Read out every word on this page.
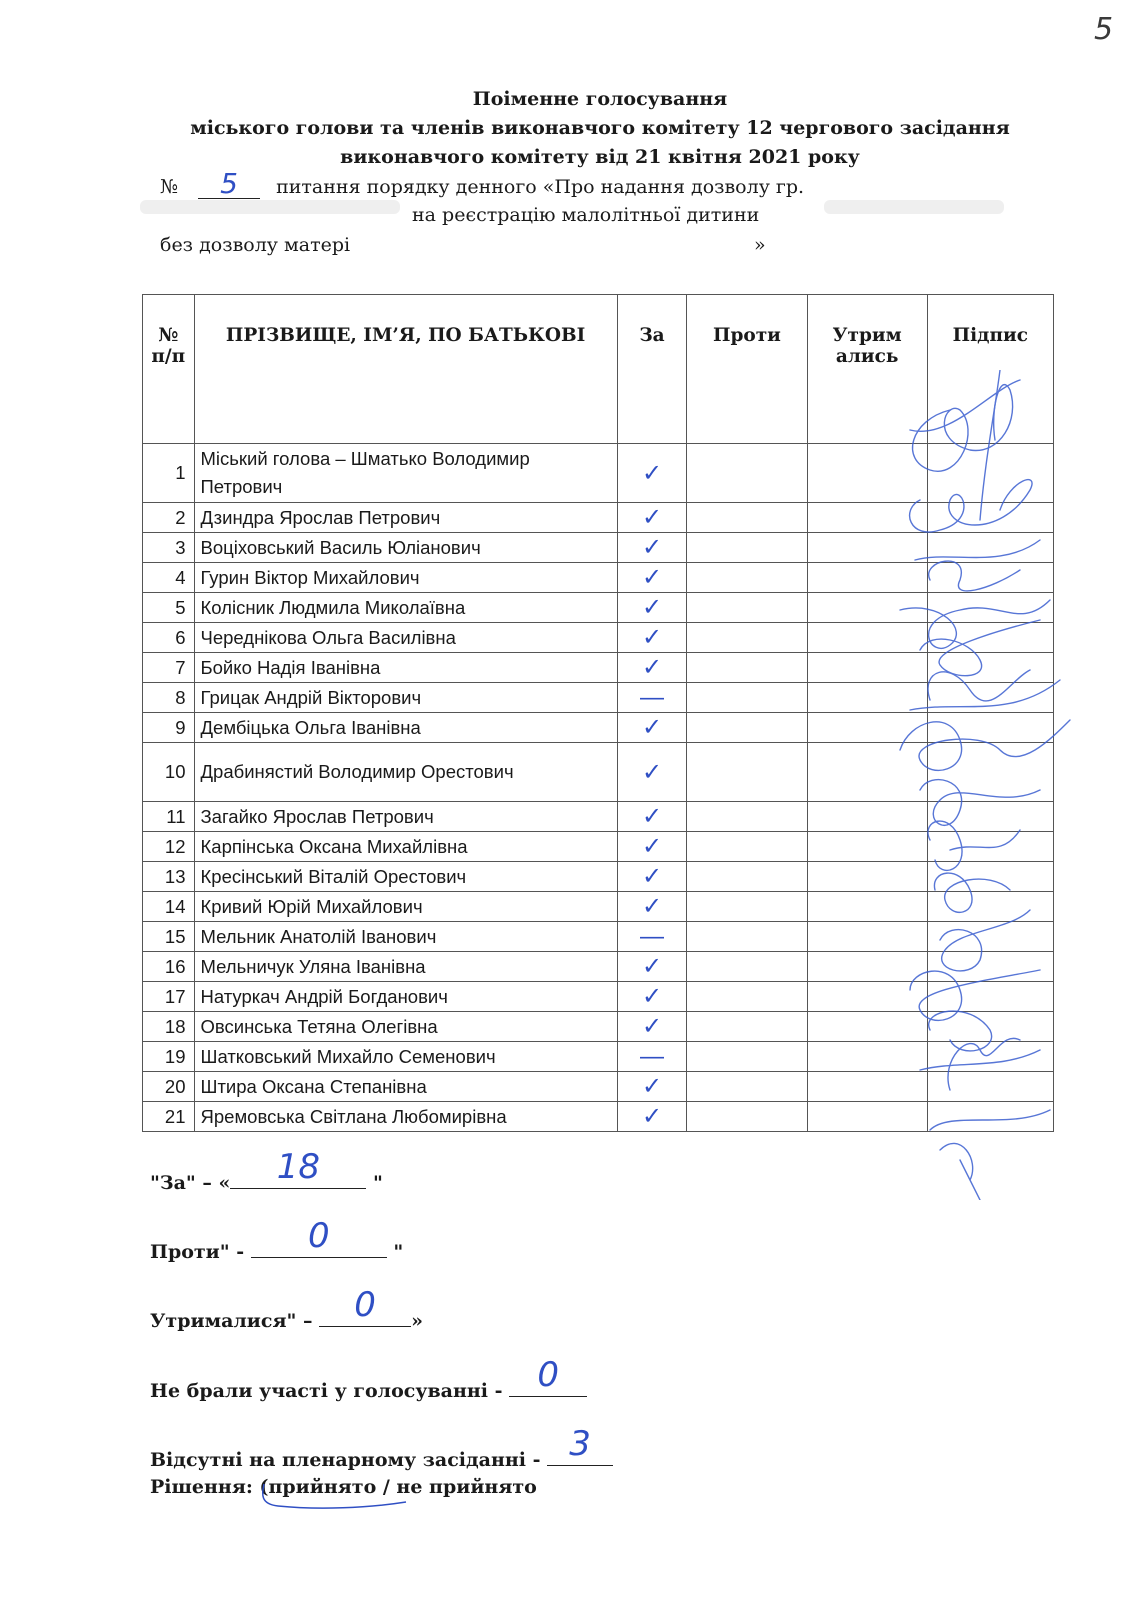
5
Поіменне голосування
міського голови та членів виконавчого комітету 12 чергового засідання
виконавчого комітету від 21 квітня 2021 року
№ 5 питання порядку денного «Про надання дозволу гр.
на реєстрацію малолітньої дитини
без дозволу матері	»
№ п/п	ПРІЗВИЩЕ, ІМ’Я, ПО БАТЬКОВІ	За	Проти	Утрим ались	Підпис
1	Міський голова – Шматько Володимир Петрович	✓			
2	Дзиндра Ярослав Петрович	✓			
3	Воціховський Василь Юліанович	✓			
4	Гурин Віктор Михайлович	✓			
5	Колісник Людмила Миколаївна	✓			
6	Череднікова Ольга Василівна	✓			
7	Бойко Надія Іванівна	✓			
8	Грицак Андрій Вікторович	—			
9	Дембіцька Ольга Іванівна	✓			
10	Драбинястий Володимир Орестович	✓			
11	Загайко Ярослав Петрович	✓			
12	Карпінська Оксана Михайлівна	✓			
13	Кресінський Віталій Орестович	✓			
14	Кривий Юрій Михайлович	✓			
15	Мельник Анатолій Іванович	—			
16	Мельничук Уляна Іванівна	✓			
17	Натуркач Андрій Богданович	✓			
18	Овсинська Тетяна Олегівна	✓			
19	Шатковський Михайло Семенович	—			
20	Штира Оксана Степанівна	✓			
21	Яремовська Світлана Любомирівна	✓			
"За" – «	18	"
Проти" -	0	"
Утрималися" –	0	»
Не брали участі у голосуванні - 0
Відсутні на пленарному засіданні - 3
Рішення: (прийнято / не прийнято
